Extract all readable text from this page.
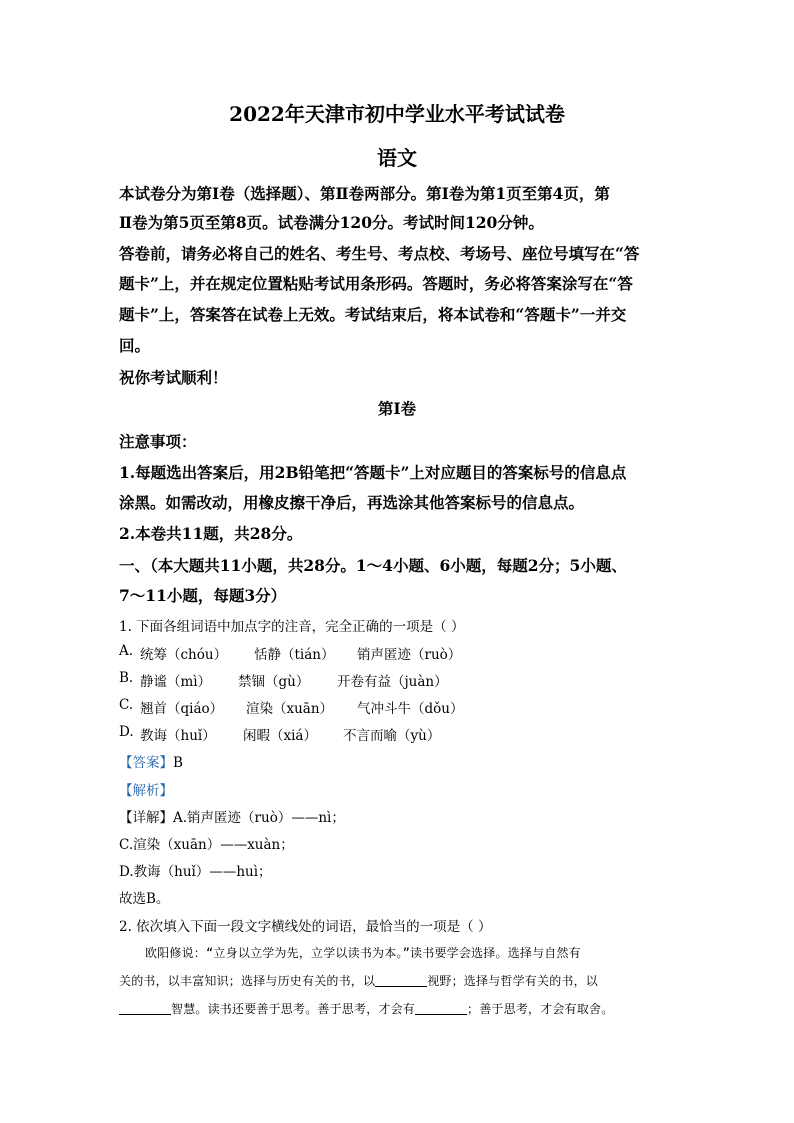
2022年天津市初中学业水平考试试卷
语文
本试卷分为第Ⅰ卷（选择题）、第Ⅱ卷两部分。第Ⅰ卷为第1页至第4页，第
Ⅱ卷为第5页至第8页。试卷满分120分。考试时间120分钟。
答卷前，请务必将自己的姓名、考生号、考点校、考场号、座位号填写在“答
题卡”上，并在规定位置粘贴考试用条形码。答题时，务必将答案涂写在“答
题卡”上，答案答在试卷上无效。考试结束后，将本试卷和“答题卡”一并交
回。
祝你考试顺利！
第Ⅰ卷
注意事项：
1.每题选出答案后，用2B铅笔把“答题卡”上对应题目的答案标号的信息点
涂黑。如需改动，用橡皮擦干净后，再选涂其他答案标号的信息点。
2.本卷共11题，共28分。
一、（本大题共11小题，共28分。1～4小题、6小题，每题2分；5小题、
7～11小题，每题3分）
1. 下面各组词语中加点字的注音，完全正确的一项是（ ）
A. 统筹（chóu） 恬静（tián） 销声匿迹（ruò）
B. 静谧（mì） 禁锢（gù） 开卷有益（juàn）
C. 翘首（qiáo） 渲染（xuān） 气冲斗牛（dǒu）
D. 教诲（huǐ） 闲暇（xiá） 不言而喻（yù）
【答案】B
【解析】
【详解】A.销声匿迹（ruò）——nì；
C.渲染（xuān）——xuàn；
D.教诲（huǐ）——huì；
故选B。
2. 依次填入下面一段文字横线处的词语，最恰当的一项是（ ）
欧阳修说：“立身以立学为先，立学以读书为本。”读书要学会选择。选择与自然有
关的书，以丰富知识；选择与历史有关的书，以	视野；选择与哲学有关的书，以
智慧。读书还要善于思考。善于思考，才会有	；善于思考，才会有取舍。
